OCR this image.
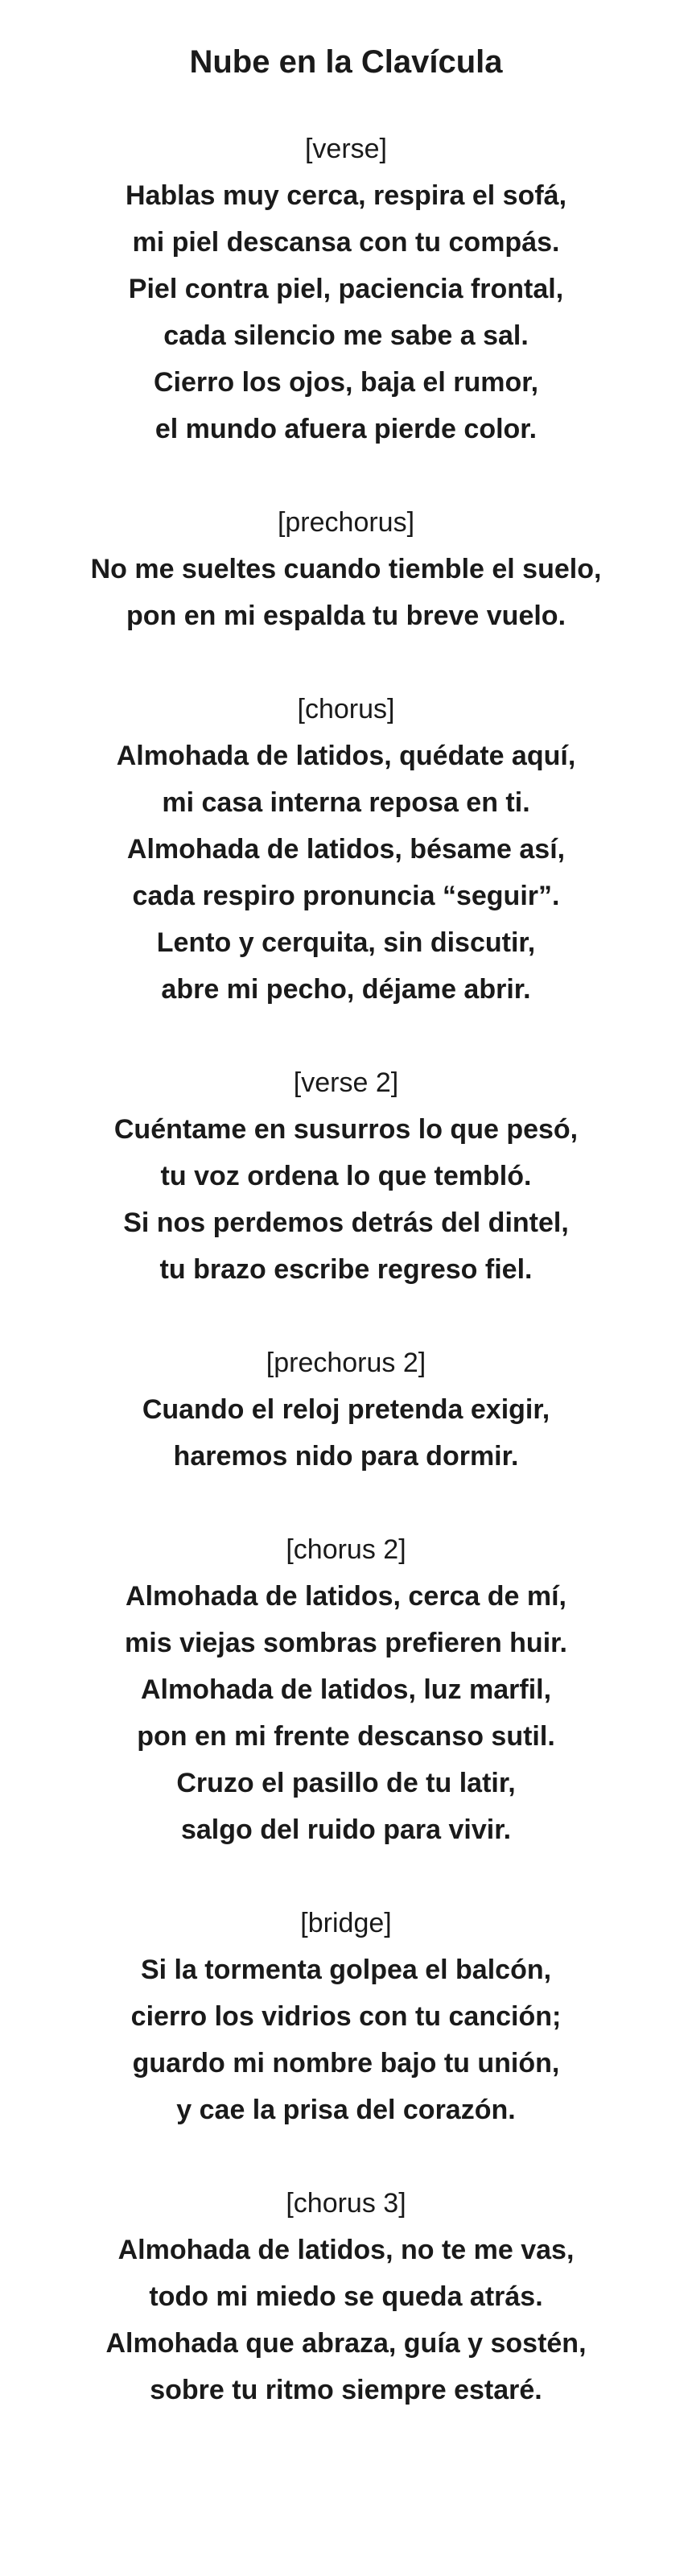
Nube en la Clavícula
[verse]
Hablas muy cerca, respira el sofá,
mi piel descansa con tu compás.
Piel contra piel, paciencia frontal,
cada silencio me sabe a sal.
Cierro los ojos, baja el rumor,
el mundo afuera pierde color.
[prechorus]
No me sueltes cuando tiemble el suelo,
pon en mi espalda tu breve vuelo.
[chorus]
Almohada de latidos, quédate aquí,
mi casa interna reposa en ti.
Almohada de latidos, bésame así,
cada respiro pronuncia “seguir”.
Lento y cerquita, sin discutir,
abre mi pecho, déjame abrir.
[verse 2]
Cuéntame en susurros lo que pesó,
tu voz ordena lo que tembló.
Si nos perdemos detrás del dintel,
tu brazo escribe regreso fiel.
[prechorus 2]
Cuando el reloj pretenda exigir,
haremos nido para dormir.
[chorus 2]
Almohada de latidos, cerca de mí,
mis viejas sombras prefieren huir.
Almohada de latidos, luz marfil,
pon en mi frente descanso sutil.
Cruzo el pasillo de tu latir,
salgo del ruido para vivir.
[bridge]
Si la tormenta golpea el balcón,
cierro los vidrios con tu canción;
guardo mi nombre bajo tu unión,
y cae la prisa del corazón.
[chorus 3]
Almohada de latidos, no te me vas,
todo mi miedo se queda atrás.
Almohada que abraza, guía y sostén,
sobre tu ritmo siempre estaré.
